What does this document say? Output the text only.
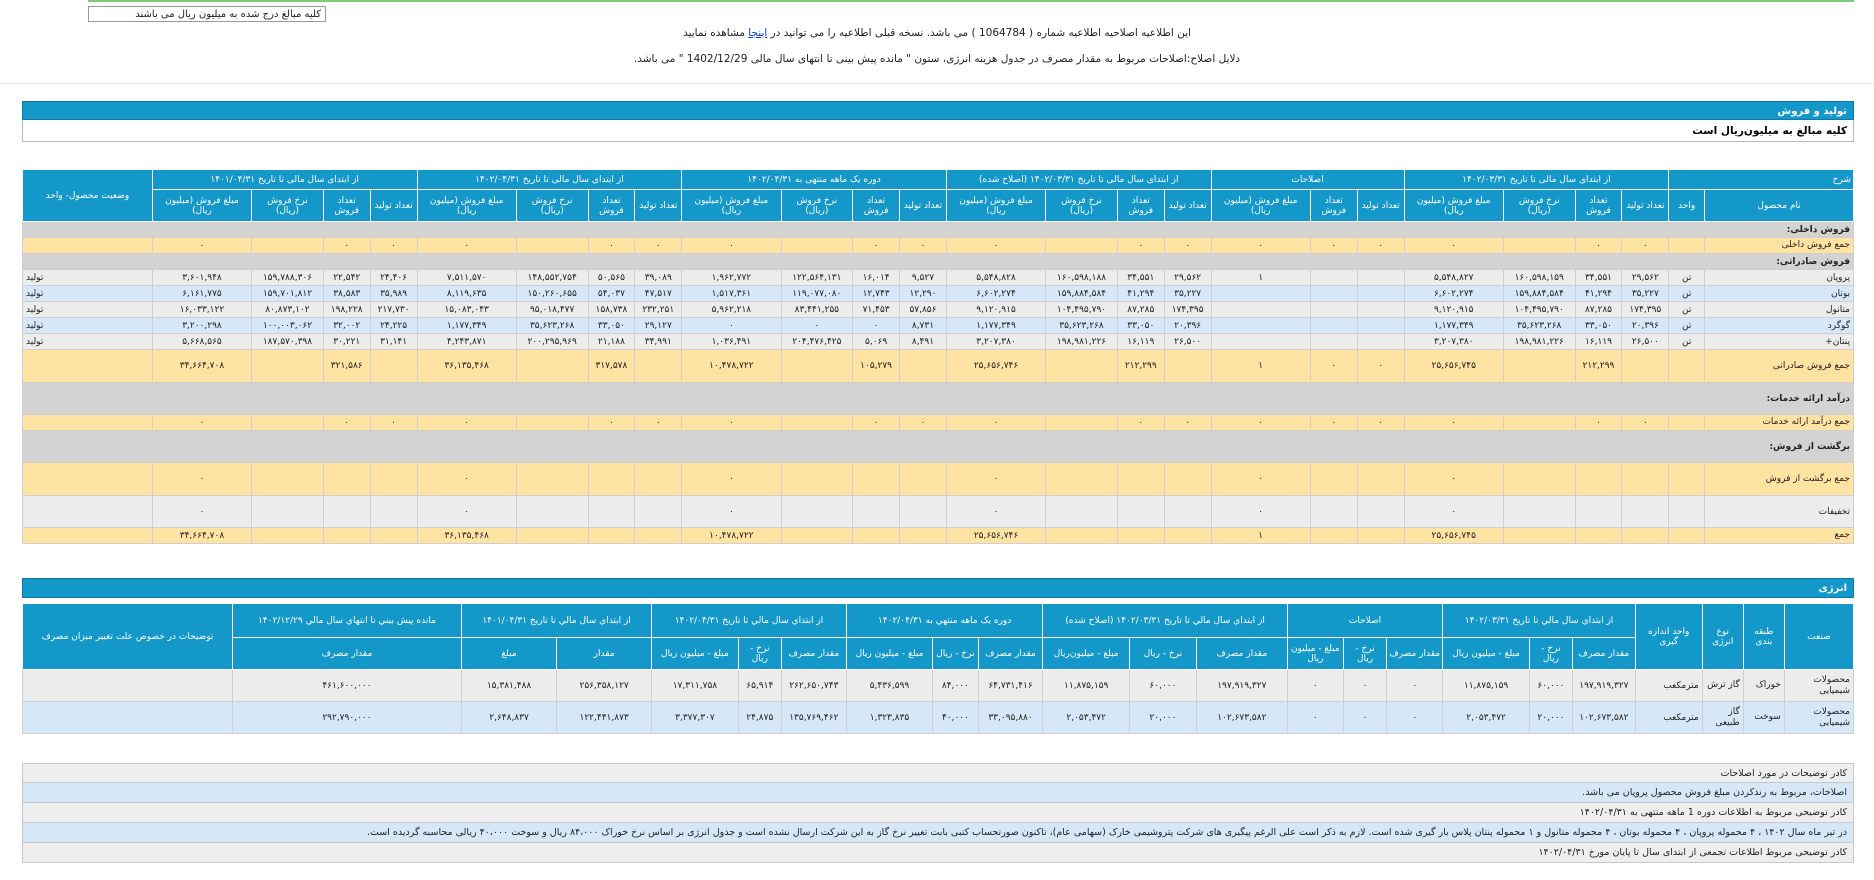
کلیه مبالغ درج شده به میلیون ریال می باشند
این اطلاعیه اصلاحیه اطلاعیه شماره ( 1064784 ) می باشد. نسخه قبلی اطلاعیه را می توانید در اینجا مشاهده نمایید
دلایل اصلاح:اصلاحات مربوط به مقدار مصرف در جدول هزینه انرژی، ستون " مانده پیش بینی تا انتهای سال مالی 1402/12/29 " می باشد.
تولید و فروش
کلیه مبالغ به میلیون‌ریال است
شرح		از ابتدای سال مالی تا تاریخ ۱۴۰۲/۰۳/۳۱				اصلاحات			از ابتدای سال مالی تا تاریخ ۱۴۰۲/۰۳/۳۱ (اصلاح شده)				دوره یک ماهه منتهی به ۱۴۰۲/۰۴/۳۱				از ابتدای سال مالی تا تاریخ ۱۴۰۲/۰۴/۳۱				از ابتدای سال مالی تا تاریخ ۱۴۰۱/۰۴/۳۱				وضعیت محصول- واحد
نام محصول	واحد	تعداد تولید	تعداد فروش	نرخ فروش (ریال)	مبلغ فروش (میلیون ریال)	تعداد تولید	تعداد فروش	مبلغ فروش (میلیون ریال)	تعداد تولید	تعداد فروش	نرخ فروش (ریال)	مبلغ فروش (میلیون ریال)	تعداد تولید	تعداد فروش	نرخ فروش (ریال)	مبلغ فروش (میلیون ریال)	تعداد تولید	تعداد فروش	نرخ فروش (ریال)	مبلغ فروش (میلیون ریال)	تعداد تولید	تعداد فروش	نرخ فروش (ریال)	مبلغ فروش (میلیون ریال)	
فروش داخلی:																									
جمع فروش داخلی		۰	۰		۰	۰	۰	۰	۰	۰		۰	۰	۰		۰	۰	۰		۰	۰	۰		۰	
فروش صادراتی:																									
پروپان	تن	۲۹,۵۶۲	۳۴,۵۵۱	۱۶۰,۵۹۸,۱۵۹	۵,۵۴۸,۸۲۷			۱	۲۹,۵۶۲	۳۴,۵۵۱	۱۶۰,۵۹۸,۱۸۸	۵,۵۴۸,۸۲۸	۹,۵۲۷	۱۶,۰۱۴	۱۲۲,۵۶۴,۱۳۱	۱,۹۶۲,۷۷۲	۳۹,۰۸۹	۵۰,۵۶۵	۱۴۸,۵۵۲,۷۵۴	۷,۵۱۱,۵۷۰	۲۴,۴۰۶	۲۲,۵۴۲	۱۵۹,۷۸۸,۳۰۶	۳,۶۰۱,۹۴۸	تولید
بوتان	تن	۳۵,۲۲۷	۴۱,۲۹۴	۱۵۹,۸۸۴,۵۸۴	۶,۶۰۲,۲۷۴				۳۵,۲۲۷	۴۱,۲۹۴	۱۵۹,۸۸۴,۵۸۴	۶,۶۰۲,۲۷۴	۱۲,۲۹۰	۱۲,۷۴۳	۱۱۹,۰۷۷,۰۸۰	۱,۵۱۷,۳۶۱	۴۷,۵۱۷	۵۴,۰۳۷	۱۵۰,۲۶۰,۶۵۵	۸,۱۱۹,۶۳۵	۳۵,۹۸۹	۳۸,۵۸۳	۱۵۹,۷۰۱,۸۱۲	۶,۱۶۱,۷۷۵	تولید
متانول	تن	۱۷۴,۳۹۵	۸۷,۲۸۵	۱۰۴,۴۹۵,۷۹۰	۹,۱۲۰,۹۱۵				۱۷۴,۳۹۵	۸۷,۲۸۵	۱۰۴,۴۹۵,۷۹۰	۹,۱۲۰,۹۱۵	۵۷,۸۵۶	۷۱,۴۵۳	۸۳,۴۴۱,۲۵۵	۵,۹۶۲,۲۱۸	۲۳۲,۲۵۱	۱۵۸,۷۳۸	۹۵,۰۱۸,۴۷۷	۱۵,۰۸۳,۰۴۳	۲۱۷,۷۳۰	۱۹۸,۲۲۸	۸۰,۸۷۳,۱۰۲	۱۶,۰۳۳,۱۲۲	تولید
گوگرد	تن	۲۰,۳۹۶	۳۳,۰۵۰	۳۵,۶۲۳,۲۶۸	۱,۱۷۷,۳۴۹				۲۰,۳۹۶	۳۳,۰۵۰	۳۵,۶۲۳,۲۶۸	۱,۱۷۷,۳۴۹	۸,۷۳۱	۰	۰	۰	۲۹,۱۲۷	۳۳,۰۵۰	۳۵,۶۲۳,۲۶۸	۱,۱۷۷,۳۴۹	۲۴,۲۲۵	۳۲,۰۰۲	۱۰۰,۰۰۳,۰۶۲	۳,۲۰۰,۲۹۸	تولید
پنتان+	تن	۲۶,۵۰۰	۱۶,۱۱۹	۱۹۸,۹۸۱,۲۲۶	۳,۲۰۷,۳۸۰				۲۶,۵۰۰	۱۶,۱۱۹	۱۹۸,۹۸۱,۲۲۶	۳,۲۰۷,۳۸۰	۸,۴۹۱	۵,۰۶۹	۲۰۴,۴۷۶,۴۲۵	۱,۰۳۶,۴۹۱	۳۴,۹۹۱	۲۱,۱۸۸	۲۰۰,۲۹۵,۹۶۹	۴,۲۴۳,۸۷۱	۳۱,۱۴۱	۳۰,۲۲۱	۱۸۷,۵۷۰,۳۹۸	۵,۶۶۸,۵۶۵	تولید
جمع فروش صادراتی			۲۱۲,۲۹۹		۲۵,۶۵۶,۷۴۵	۰	۰	۱		۲۱۲,۲۹۹		۲۵,۶۵۶,۷۴۶		۱۰۵,۲۷۹		۱۰,۴۷۸,۷۲۲		۳۱۷,۵۷۸		۳۶,۱۳۵,۴۶۸		۳۲۱,۵۸۶		۳۴,۶۶۴,۷۰۸	
درآمد ارائه خدمات:																									
جمع درآمد ارائه خدمات		۰	۰		۰	۰	۰	۰	۰	۰		۰	۰	۰		۰	۰	۰		۰	۰	۰		۰	
برگشت از فروش:																									
جمع برگشت از فروش					۰			۰				۰				۰				۰				۰	
تخفیفات					۰			۰				۰				۰				۰				۰	
جمع					۲۵,۶۵۶,۷۴۵			۱				۲۵,۶۵۶,۷۴۶				۱۰,۴۷۸,۷۲۲				۳۶,۱۳۵,۴۶۸				۳۴,۶۶۴,۷۰۸	
انرژی
صنعت	طبقه بندی	نوع انرژی	واحد اندازه گیری	از ابتداي سال مالي تا تاريخ ۱۴۰۲/۰۳/۳۱			اصلاحات			از ابتداي سال مالي تا تاريخ ۱۴۰۲/۰۳/۳۱ (اصلاح شده)			دوره یک ماهه منتهي به ۱۴۰۲/۰۴/۳۱			از ابتداي سال مالي تا تاريخ ۱۴۰۲/۰۴/۳۱			از ابتداي سال مالي تا تاريخ ۱۴۰۱/۰۴/۳۱		مانده پيش بيني تا انتهاي سال مالي ۱۴۰۲/۱۲/۲۹	توضیحات در خصوص علت تغيير ميزان مصرف
				مقدار مصرف	نرخ - ریال	مبلغ - میلیون ریال	مقدار مصرف	نرخ - ریال	مبلغ - میلیون ریال	مقدار مصرف	نرخ - ریال	مبلغ - میلیون‌ریال	مقدار مصرف	نرخ - ریال	مبلغ - میلیون ریال	مقدار مصرف	نرخ - ریال	مبلغ - میلیون ریال	مقدار	مبلغ	مقدار مصرف	
محصولات شیمیایی	خوراک	گاز ترش	مترمکعب	۱۹۷,۹۱۹,۳۲۷	۶۰,۰۰۰	۱۱,۸۷۵,۱۵۹	۰	۰	۰	۱۹۷,۹۱۹,۳۲۷	۶۰,۰۰۰	۱۱,۸۷۵,۱۵۹	۶۴,۷۳۱,۴۱۶	۸۴,۰۰۰	۵,۴۳۶,۵۹۹	۲۶۲,۶۵۰,۷۴۳	۶۵,۹۱۴	۱۷,۳۱۱,۷۵۸	۲۵۶,۳۵۸,۱۲۷	۱۵,۳۸۱,۴۸۸	۴۶۱,۶۰۰,۰۰۰	
محصولات شیمیایی	سوخت	گاز طبیعی	مترمکعب	۱۰۲,۶۷۳,۵۸۲	۲۰,۰۰۰	۲,۰۵۳,۴۷۲	۰	۰	۰	۱۰۲,۶۷۳,۵۸۲	۲۰,۰۰۰	۲,۰۵۳,۴۷۲	۳۳,۰۹۵,۸۸۰	۴۰,۰۰۰	۱,۳۲۳,۸۳۵	۱۳۵,۷۶۹,۴۶۲	۲۴,۸۷۵	۳,۳۷۷,۳۰۷	۱۲۲,۴۴۱,۸۷۳	۲,۶۴۸,۸۳۷	۲۹۲,۷۹۰,۰۰۰	
کادر توضیحات در مورد اصلاحات
اصلاحات، مربوط به رندکردن مبلغ فروش محصول پروپان می باشد.
کادر توضیحی مربوط به اطلاعات دوره 1 ماهه منتهی به ۱۴۰۲/۰۴/۳۱
در تیر ماه سال ۱۴۰۲ ، ۴ محموله پروپان ، ۴ محموله بوتان ، ۴ محموله متانول و ۱ محموله پنتان پلاس بار گیری شده است. لازم به ذکر است علی الرغم پیگیری های شرکت پتروشیمی خارک (سهامی عام)، تاکنون صورتحساب کتبی بابت تغییر نرخ گاز به این شرکت ارسال نشده است و جدول انرژی بر اساس نرخ خوراک ۸۴،۰۰۰ ریال و سوخت ۴۰،۰۰۰ ریالی محاسبه گردیده است.
کادر توضیحی مربوط اطلاعات تجمعی از ابتدای سال تا پایان مورخ ۱۴۰۲/۰۴/۳۱
